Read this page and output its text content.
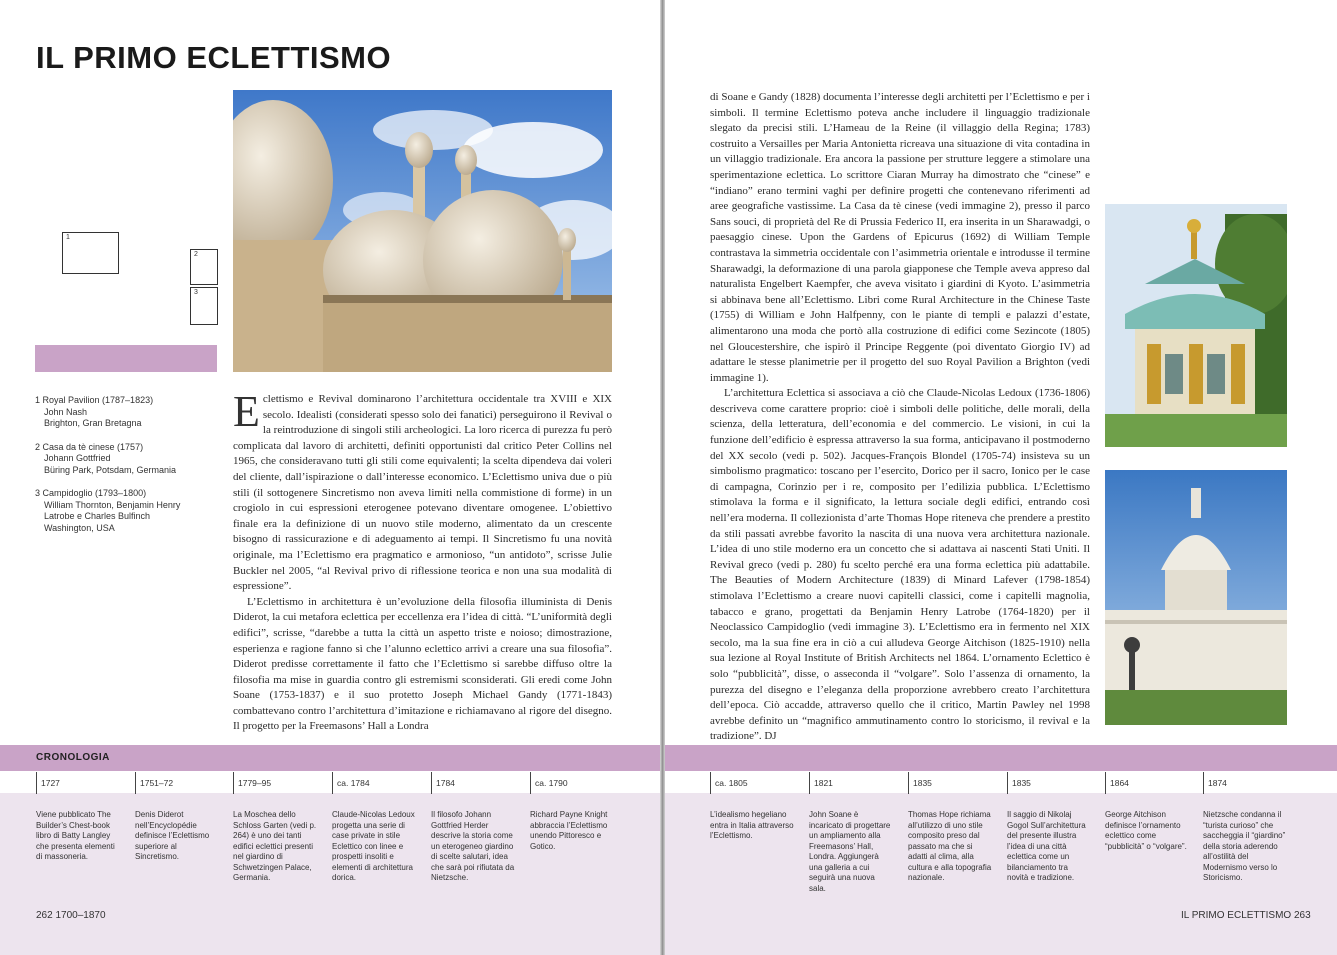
IL PRIMO ECLETTISMO
1
2
3
1 Royal Pavilion (1787–1823)
John Nash
Brighton, Gran Bretagna
2 Casa da tè cinese (1757)
Johann Gottfried
Büring Park, Potsdam, Germania
3 Campidoglio (1793–1800)
William Thornton, Benjamin Henry
Latrobe e Charles Bulfinch
Washington, USA

Eclettismo e Revival dominarono l’architettura occidentale tra XVIII e XIX secolo. Idealisti (considerati spesso solo dei fanatici) perseguirono il Revival o la reintroduzione di singoli stili archeologici. La loro ricerca di purezza fu però complicata dal lavoro di architetti, definiti opportunisti dal critico Peter Collins nel 1965, che consideravano tutti gli stili come equivalenti; la scelta dipendeva dai voleri del cliente, dall’ispirazione o dall’interesse economico. L’Eclettismo univa due o più stili (il sottogenere Sincretismo non aveva limiti nella commistione di forme) in un crogiolo in cui espressioni eterogenee potevano diventare omogenee. L’obiettivo finale era la definizione di un nuovo stile moderno, alimentato da un crescente bisogno di rassicurazione e di adeguamento ai tempi. Il Sincretismo fu una novità originale, ma l’Eclettismo era pragmatico e armonioso, “un antidoto”, scrisse Julie Buckler nel 2005, “al Revival privo di riflessione teorica e non una sua modalità di espressione”.

L’Eclettismo in architettura è un’evoluzione della filosofia illuminista di Denis Diderot, la cui metafora eclettica per eccellenza era l’idea di città. “L’uniformità degli edifici”, scrisse, “darebbe a tutta la città un aspetto triste e noioso; dimostrazione, esperienza e ragione fanno sì che l’alunno eclettico arrivi a creare una sua filosofia”. Diderot predisse correttamente il fatto che l’Eclettismo si sarebbe diffuso oltre la filosofia ma mise in guardia contro gli estremismi sconsiderati. Gli eredi come John Soane (1753-1837) e il suo protetto Joseph Michael Gandy (1771-1843) combattevano contro l’architettura d’imitazione e richiamavano al rigore del disegno. Il progetto per la Freemasons’ Hall a Londra

CRONOLOGIA
1727	1751–72	1779–95	ca. 1784	1784	ca. 1790
Viene pubblicato The Builder’s Chest-book libro di Batty Langley che presenta elementi di massoneria.
Denis Diderot nell’Encyclopédie definisce l’Eclettismo superiore al Sincretismo.
La Moschea dello Schloss Garten (vedi p. 264) è uno dei tanti edifici eclettici presenti nel giardino di Schwetzingen Palace, Germania.
Claude-Nicolas Ledoux progetta una serie di case private in stile Eclettico con linee e prospetti insoliti e elementi di architettura dorica.
Il filosofo Johann Gottfried Herder descrive la storia come un eterogeneo giardino di scelte salutari, idea che sarà poi rifiutata da Nietzsche.
Richard Payne Knight abbraccia l’Eclettismo unendo Pittoresco e Gotico.
262 1700–1870

di Soane e Gandy (1828) documenta l’interesse degli architetti per l’Eclettismo e per i simboli. Il termine Eclettismo poteva anche includere il linguaggio tradizionale slegato da precisi stili. L’Hameau de la Reine (il villaggio della Regina; 1783) costruito a Versailles per Maria Antonietta ricreava una situazione di vita contadina in un villaggio tradizionale. Era ancora la passione per strutture leggere a stimolare una sperimentazione eclettica. Lo scrittore Ciaran Murray ha dimostrato che “cinese” e “indiano” erano termini vaghi per definire progetti che contenevano riferimenti ad aree geografiche vastissime. La Casa da tè cinese (vedi immagine 2), presso il parco Sans souci, di proprietà del Re di Prussia Federico II, era inserita in un Sharawadgi, o paesaggio cinese. Upon the Gardens of Epicurus (1692) di William Temple contrastava la simmetria occidentale con l’asimmetria orientale e introdusse il termine Sharawadgi, la deformazione di una parola giapponese che Temple aveva appreso dal naturalista Engelbert Kaempfer, che aveva visitato i giardini di Kyoto. L’asimmetria si abbinava bene all’Eclettismo. Libri come Rural Architecture in the Chinese Taste (1755) di William e John Halfpenny, con le piante di templi e palazzi d’estate, alimentarono una moda che portò alla costruzione di edifici come Sezincote (1805) nel Gloucestershire, che ispirò il Principe Reggente (poi diventato Giorgio IV) ad adattare le stesse planimetrie per il progetto del suo Royal Pavilion a Brighton (vedi immagine 1).

L’architettura Eclettica si associava a ciò che Claude-Nicolas Ledoux (1736-1806) descriveva come carattere proprio: cioè i simboli delle politiche, delle morali, della scienza, della letteratura, dell’economia e del commercio. Le visioni, in cui la funzione dell’edificio è espressa attraverso la sua forma, anticipavano il postmoderno del XX secolo (vedi p. 502). Jacques-François Blondel (1705-74) insisteva su un simbolismo pragmatico: toscano per l’esercito, Dorico per il sacro, Ionico per le case di campagna, Corinzio per i re, composito per l’edilizia pubblica. L’Eclettismo stimolava la forma e il significato, la lettura sociale degli edifici, entrando così nell’era moderna. Il collezionista d’arte Thomas Hope riteneva che prendere a prestito da stili passati avrebbe favorito la nascita di una nuova vera architettura nazionale. L’idea di uno stile moderno era un concetto che si adattava ai nascenti Stati Uniti. Il Revival greco (vedi p. 280) fu scelto perché era una forma eclettica più adattabile. The Beauties of Modern Architecture (1839) di Minard Lafever (1798-1854) stimolava l’Eclettismo a creare nuovi capitelli classici, come i capitelli magnolia, tabacco e grano, progettati da Benjamin Henry Latrobe (1764-1820) per il Neoclassico Campidoglio (vedi immagine 3). L’Eclettismo era in fermento nel XIX secolo, ma la sua fine era in ciò a cui alludeva George Aitchison (1825-1910) nella sua lezione al Royal Institute of British Architects nel 1864. L’ornamento Eclettico è solo “pubblicità”, disse, o asseconda il “volgare”. Solo l’assenza di ornamento, la purezza del disegno e l’eleganza della proporzione avrebbero creato l’architettura dell’epoca. Ciò accadde, attraverso quello che il critico, Martin Pawley nel 1998 avrebbe definito un “magnifico ammutinamento contro lo storicismo, il revival e la tradizione”. DJ

ca. 1805	1821	1835	1835	1864	1874
L’idealismo hegeliano entra in Italia attraverso l’Eclettismo.
John Soane è incaricato di progettare un ampliamento alla Freemasons’ Hall, Londra. Aggiungerà una galleria a cui seguirà una nuova sala.
Thomas Hope richiama all’utilizzo di uno stile composito preso dal passato ma che si adatti al clima, alla cultura e alla topografia nazionale.
Il saggio di Nikolaj Gogol Sull’architettura del presente illustra l’idea di una città eclettica come un bilanciamento tra novità e tradizione.
George Aitchison definisce l’ornamento eclettico come “pubblicità” o “volgare”.
Nietzsche condanna il “turista curioso” che saccheggia il “giardino” della storia aderendo all’ostilità del Modernismo verso lo Storicismo.
IL PRIMO ECLETTISMO 263
